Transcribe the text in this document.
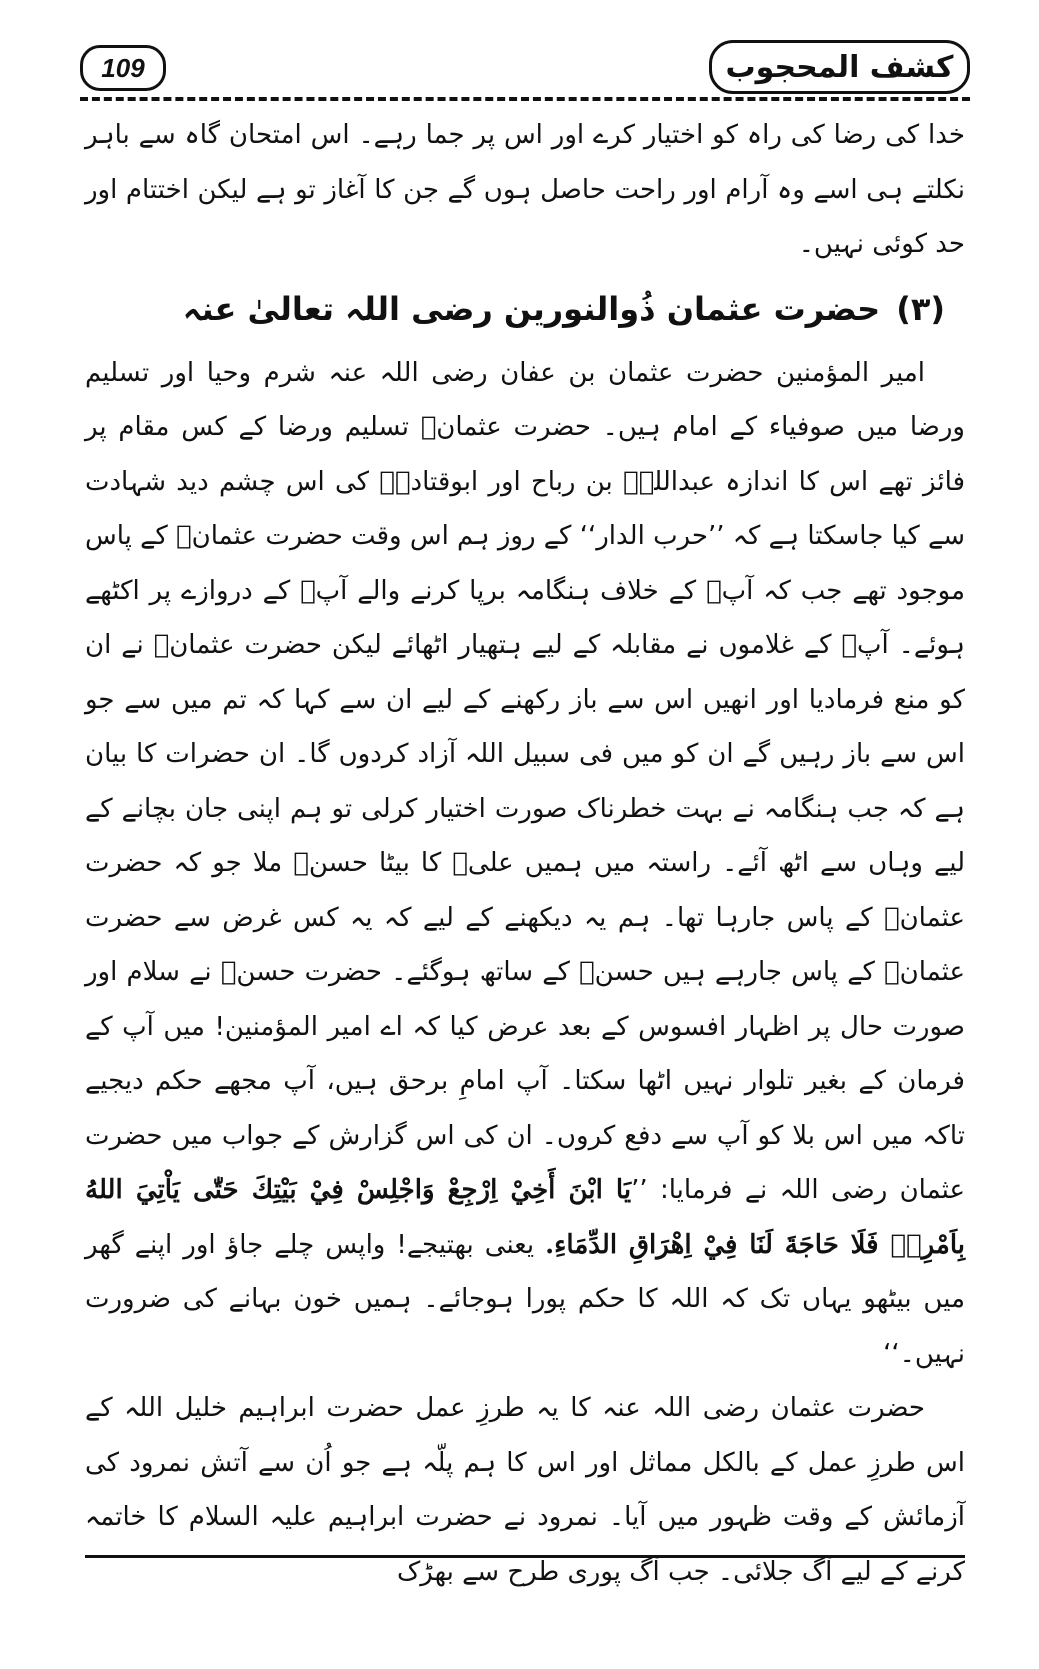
109	كشف المحجوب

خدا کی رضا کی راہ کو اختیار کرے اور اس پر جما رہے۔ اس امتحان گاہ سے باہر نکلتے ہی اسے وہ آرام اور راحت حاصل ہوں گے جن کا آغاز تو ہے لیکن اختتام اور حد کوئی نہیں۔

(۳)حضرت عثمان ذُوالنورین رضی اللہ تعالیٰ عنہ

امیر المؤمنین حضرت عثمان بن عفان رضی اللہ عنہ شرم وحیا اور تسلیم ورضا میں صوفیاء کے امام ہیں۔ حضرت عثمانؓ تسلیم ورضا کے کس مقام پر فائز تھے اس کا اندازہ عبداللہؓ بن رباح اور ابوقتادہؓ کی اس چشم دید شہادت سے کیا جاسکتا ہے کہ ’’حرب الدار‘‘ کے روز ہم اس وقت حضرت عثمانؓ کے پاس موجود تھے جب کہ آپؓ کے خلاف ہنگامہ برپا کرنے والے آپؓ کے دروازے پر اکٹھے ہوئے۔ آپؓ کے غلاموں نے مقابلہ کے لیے ہتھیار اٹھائے لیکن حضرت عثمانؓ نے ان کو منع فرمادیا اور انھیں اس سے باز رکھنے کے لیے ان سے کہا کہ تم میں سے جو اس سے باز رہیں گے ان کو میں فی سبیل اللہ آزاد کردوں گا۔ ان حضرات کا بیان ہے کہ جب ہنگامہ نے بہت خطرناک صورت اختیار کرلی تو ہم اپنی جان بچانے کے لیے وہاں سے اٹھ آئے۔ راستہ میں ہمیں علیؓ کا بیٹا حسنؓ ملا جو کہ حضرت عثمانؓ کے پاس جارہا تھا۔ ہم یہ دیکھنے کے لیے کہ یہ کس غرض سے حضرت عثمانؓ کے پاس جارہے ہیں حسنؓ کے ساتھ ہوگئے۔ حضرت حسنؓ نے سلام اور صورت حال پر اظہار افسوس کے بعد عرض کیا کہ اے امیر المؤمنین! میں آپ کے فرمان کے بغیر تلوار نہیں اٹھا سکتا۔ آپ امامِ برحق ہیں، آپ مجھے حکم دیجیے تاکہ میں اس بلا کو آپ سے دفع کروں۔ ان کی اس گزارش کے جواب میں حضرت عثمان رضی اللہ نے فرمایا: ’’يَا ابْنَ أَخِيْ اِرْجِعْ وَاجْلِسْ فِيْ بَيْتِكَ حَتّٰى يَاْتِيَ اللهُ بِاَمْرِهٖ فَلَا حَاجَةَ لَنَا فِيْ اِهْرَاقِ الدِّمَاءِ. یعنی بھتیجے! واپس چلے جاؤ اور اپنے گھر میں بیٹھو یہاں تک کہ اللہ کا حکم پورا ہوجائے۔ ہمیں خون بہانے کی ضرورت نہیں۔‘‘

حضرت عثمان رضی اللہ عنہ کا یہ طرزِ عمل حضرت ابراہیم خلیل اللہ کے اس طرزِ عمل کے بالکل مماثل اور اس کا ہم پلّہ ہے جو اُن سے آتش نمرود کی آزمائش کے وقت ظہور میں آیا۔ نمرود نے حضرت ابراہیم علیہ السلام کا خاتمہ کرنے کے لیے آگ جلائی۔ جب آگ پوری طرح سے بھڑک
